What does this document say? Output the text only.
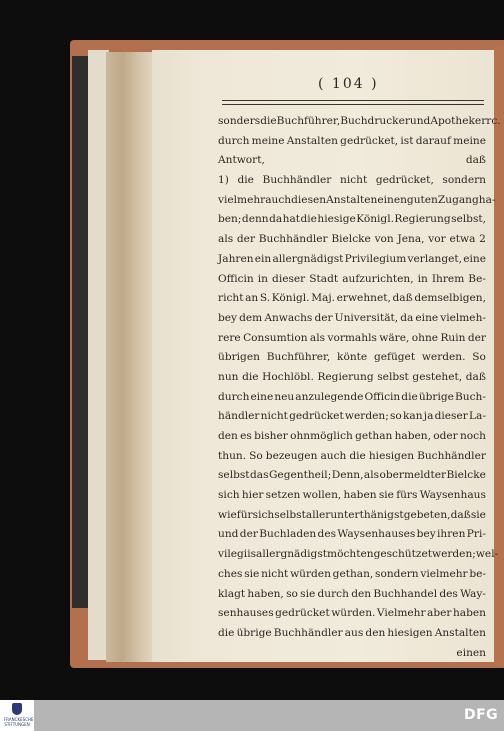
( 104 )
sonders die Buchführer, Buchdrucker und Apotheker rc.
durch meine Anstalten gedrücket, ist darauf meine
Antwort,	daß
1) die Buchhändler nicht gedrücket, sondern
vielmehr auch diesen Anstalten einen guten Zugang ha-
ben; denn da hat die hiesige Königl. Regierung selbst,
als der Buchhändler Bielcke von Jena, vor etwa 2
Jahren ein allergnädigst Privilegium verlanget, eine
Officin in dieser Stadt aufzurichten, in Ihrem Be-
richt an S. Königl. Maj. erwehnet, daß demselbigen,
bey dem Anwachs der Universität, da eine vielmeh-
rere Consumtion als vormahls wäre, ohne Ruin der
übrigen Buchführer, könte gefüget werden. So
nun die Hochlöbl. Regierung selbst gestehet, daß
durch eine neu anzulegende Officin die übrige Buch-
händler nicht gedrücket werden; so kan ja dieser La-
den es bisher ohnmöglich gethan haben, oder noch
thun. So bezeugen auch die hiesigen Buchhändler
selbst das Gegentheil; Denn, als obermeldter Bielcke
sich hier setzen wollen, haben sie fürs Waysenhaus
wie für sich selbst allerunterthänigst gebeten, daß sie
und der Buchladen des Waysenhauses bey ihren Pri-
vilegiis allergnädigst möchten geschützet werden; wel-
ches sie nicht würden gethan, sondern vielmehr be-
klagt haben, so sie durch den Buchhandel des Way-
senhauses gedrücket würden. Vielmehr aber haben
die übrige Buchhändler aus den hiesigen Anstalten
einen
FRANCKESCHE
STIFTUNGEN
DFG
